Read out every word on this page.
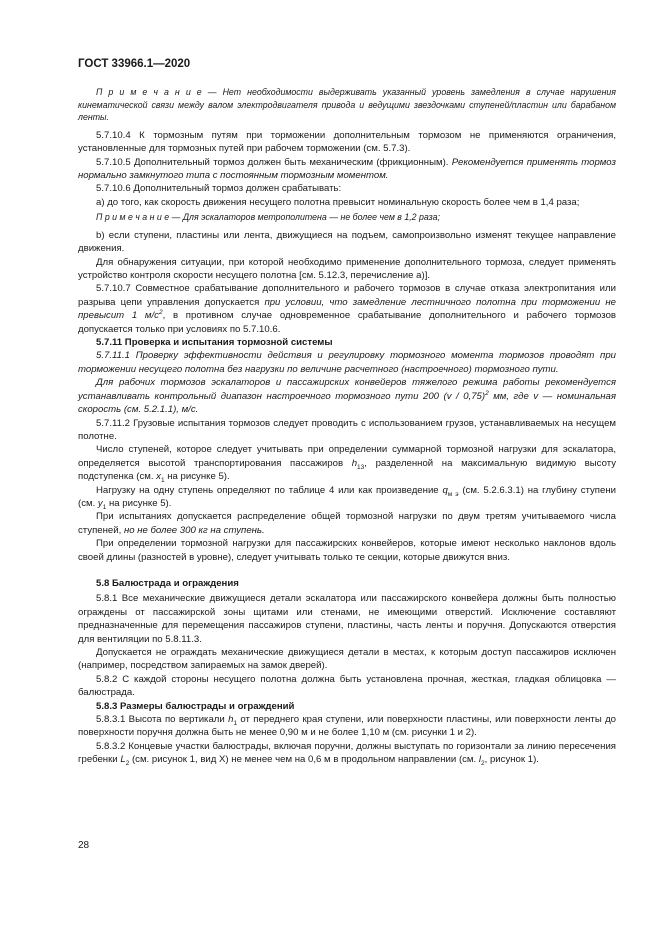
ГОСТ 33966.1—2020

П р и м е ч а н и е — Нет необходимости выдерживать указанный уровень замедления в случае нарушения кинематической связи между валом электродвигателя привода и ведущими звездочками ступеней/пластин или барабаном ленты.

5.7.10.4 К тормозным путям при торможении дополнительным тормозом не применяются ограничения, установленные для тормозных путей при рабочем торможении (см. 5.7.3).

5.7.10.5 Дополнительный тормоз должен быть механическим (фрикционным). Рекомендуется применять тормоз нормально замкнутого типа с постоянным тормозным моментом.

5.7.10.6 Дополнительный тормоз должен срабатывать:

а) до того, как скорость движения несущего полотна превысит номинальную скорость более чем в 1,4 раза;

П р и м е ч а н и е — Для эскалаторов метрополитена — не более чем в 1,2 раза;

b) если ступени, пластины или лента, движущиеся на подъем, самопроизвольно изменят текущее направление движения.

Для обнаружения ситуации, при которой необходимо применение дополнительного тормоза, следует применять устройство контроля скорости несущего полотна [см. 5.12.3, перечисление а)].

5.7.10.7 Совместное срабатывание дополнительного и рабочего тормозов в случае отказа электропитания или разрыва цепи управления допускается при условии, что замедление лестничного полотна при торможении не превысит 1 $м/с^2$, в противном случае одновременное срабатывание дополнительного и рабочего тормозов допускается только при условиях по 5.7.10.6.

5.7.11 Проверка и испытания тормозной системы

5.7.11.1 Проверку эффективности действия и регулировку тормозного момента тормозов проводят при торможении несущего полотна без нагрузки по величине расчетного (настроечного) тормозного пути.

Для рабочих тормозов эскалаторов и пассажирских конвейеров тяжелого режима работы рекомендуется устанавливать контрольный диапазон настроечного тормозного пути 200 (v / 0,75)$^2$ мм, где v — номинальная скорость (см. 5.2.1.1), м/с.

5.7.11.2 Грузовые испытания тормозов следует проводить с использованием грузов, устанавливаемых на несущем полотне.

Число ступеней, которое следует учитывать при определении суммарной тормозной нагрузки для эскалатора, определяется высотой транспортирования пассажиров $h_{13}$, разделенной на максимальную видимую высоту подступенка (см. $x_1$ на рисунке 5).

Нагрузку на одну ступень определяют по таблице 4 или как произведение $q_{м э}$ (см. 5.2.6.3.1) на глубину ступени (см. $y_1$ на рисунке 5).

При испытаниях допускается распределение общей тормозной нагрузки по двум третям учитываемого числа ступеней, но не более 300 кг на ступень.

При определении тормозной нагрузки для пассажирских конвейеров, которые имеют несколько наклонов вдоль своей длины (разностей в уровне), следует учитывать только те секции, которые движутся вниз.

5.8 Балюстрада и ограждения

5.8.1 Все механические движущиеся детали эскалатора или пассажирского конвейера должны быть полностью ограждены от пассажирской зоны щитами или стенами, не имеющими отверстий. Исключение составляют предназначенные для перемещения пассажиров ступени, пластины, часть ленты и поручня. Допускаются отверстия для вентиляции по 5.8.11.3.

Допускается не ограждать механические движущиеся детали в местах, к которым доступ пассажиров исключен (например, посредством запираемых на замок дверей).

5.8.2 С каждой стороны несущего полотна должна быть установлена прочная, жесткая, гладкая облицовка — балюстрада.

5.8.3 Размеры балюстрады и ограждений

5.8.3.1 Высота по вертикали $h_1$ от переднего края ступени, или поверхности пластины, или поверхности ленты до поверхности поручня должна быть не менее 0,90 м и не более 1,10 м (см. рисунки 1 и 2).

5.8.3.2 Концевые участки балюстрады, включая поручни, должны выступать по горизонтали за линию пересечения гребенки $L_2$ (см. рисунок 1, вид X) не менее чем на 0,6 м в продольном направлении (см. $l_2$, рисунок 1).

28
